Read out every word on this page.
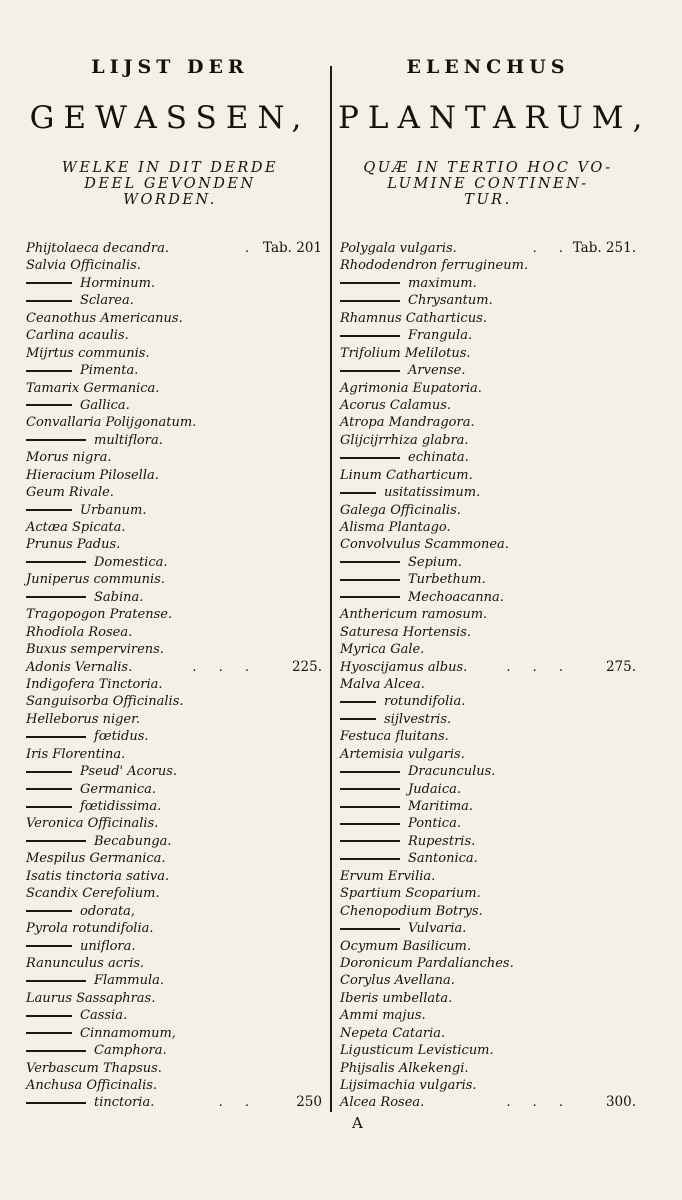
LIJST DER	ELENCHUS
GEWASSEN, PLANTARUM,
WELKE IN DIT DERDE
DEEL GEVONDEN
WORDEN.
QUÆ IN TERTIO HOC VO-
LUMINE CONTINEN-
TUR.
Phijtolaeca decandra.	. Tab. 201
Salvia Officinalis.
Horminum.
Sclarea.
Ceanothus Americanus.
Carlina acaulis.
Mijrtus communis.
Pimenta.
Tamarix Germanica.
Gallica.
Convallaria Polijgonatum.
multiflora.
Morus nigra.
Hieracium Pilosella.
Geum Rivale.
Urbanum.
Actæa Spicata.
Prunus Padus.
Domestica.
Juniperus communis.
Sabina.
Tragopogon Pratense.
Rhodiola Rosea.
Buxus sempervirens.
Adonis Vernalis.	. . .	225.
Indigofera Tinctoria.
Sanguisorba Officinalis.
Helleborus niger.
fœtidus.
Iris Florentina.
Pseud' Acorus.
Germanica.
fœtidissima.
Veronica Officinalis.
Becabunga.
Mespilus Germanica.
Isatis tinctoria sativa.
Scandix Cerefolium.
odorata,
Pyrola rotundifolia.
uniflora.
Ranunculus acris.
Flammula.
Laurus Sassaphras.
Cassia.
Cinnamomum,
Camphora.
Verbascum Thapsus.
Anchusa Officinalis.
tinctoria.	. .	250
Polygala vulgaris.	. . Tab. 251.
Rhododendron ferrugineum.
maximum.
Chrysantum.
Rhamnus Catharticus.
Frangula.
Trifolium Melilotus.
Arvense.
Agrimonia Eupatoria.
Acorus Calamus.
Atropa Mandragora.
Glijcijrrhiza glabra.
echinata.
Linum Catharticum.
usitatissimum.
Galega Officinalis.
Alisma Plantago.
Convolvulus Scammonea.
Sepium.
Turbethum.
Mechoacanna.
Anthericum ramosum.
Saturesa Hortensis.
Myrica Gale.
Hyoscijamus albus.	. . .	275.
Malva Alcea.
rotundifolia.
sijlvestris.
Festuca fluitans.
Artemisia vulgaris.
Dracunculus.
Judaica.
Maritima.
Pontica.
Rupestris.
Santonica.
Ervum Ervilia.
Spartium Scoparium.
Chenopodium Botrys.
Vulvaria.
Ocymum Basilicum.
Doronicum Pardalianches.
Corylus Avellana.
Iberis umbellata.
Ammi majus.
Nepeta Cataria.
Ligusticum Levisticum.
Phijsalis Alkekengi.
Lijsimachia vulgaris.
Alcea Rosea.	. . .	300.
A
